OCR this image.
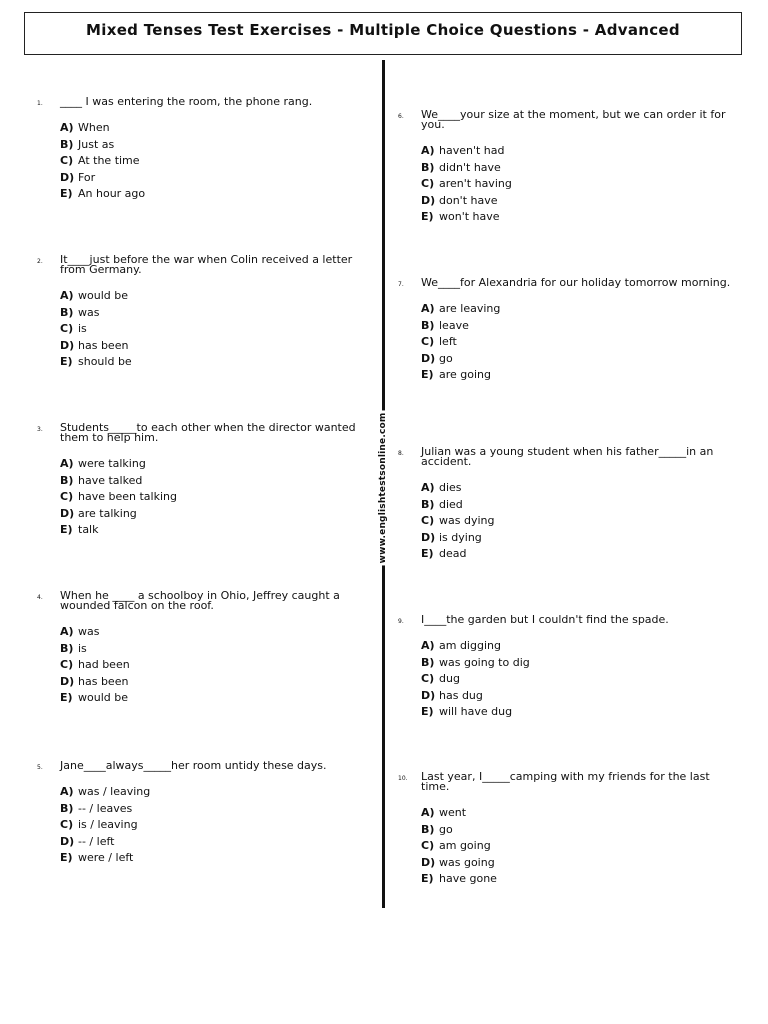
Mixed Tenses Test Exercises - Multiple Choice Questions - Advanced
www.englishtestsonline.com
1. ____ I was entering the room, the phone rang.

A) When
B) Just as
C) At the time
D) For
E) An hour ago
2. It____just before the war when Colin received a letter from Germany.

A) would be
B) was
C) is
D) has been
E) should be
3. Students_____to each other when the director wanted them to help him.

A) were talking
B) have talked
C) have been talking
D) are talking
E) talk
4. When he ____ a schoolboy in Ohio, Jeffrey caught a wounded falcon on the roof.

A) was
B) is
C) had been
D) has been
E) would be
5. Jane____always_____her room untidy these days.

A) was / leaving
B) -- / leaves
C) is / leaving
D) -- / left
E) were / left
6. We____your size at the moment, but we can order it for you.

A) haven't had
B) didn't have
C) aren't having
D) don't have
E) won't have
7. We____for Alexandria for our holiday tomorrow morning.

A) are leaving
B) leave
C) left
D) go
E) are going
8. Julian was a young student when his father_____in an accident.

A) dies
B) died
C) was dying
D) is dying
E) dead
9. I____the garden but I couldn't find the spade.

A) am digging
B) was going to dig
C) dug
D) has dug
E) will have dug
10. Last year, I_____camping with my friends for the last time.

A) went
B) go
C) am going
D) was going
E) have gone
